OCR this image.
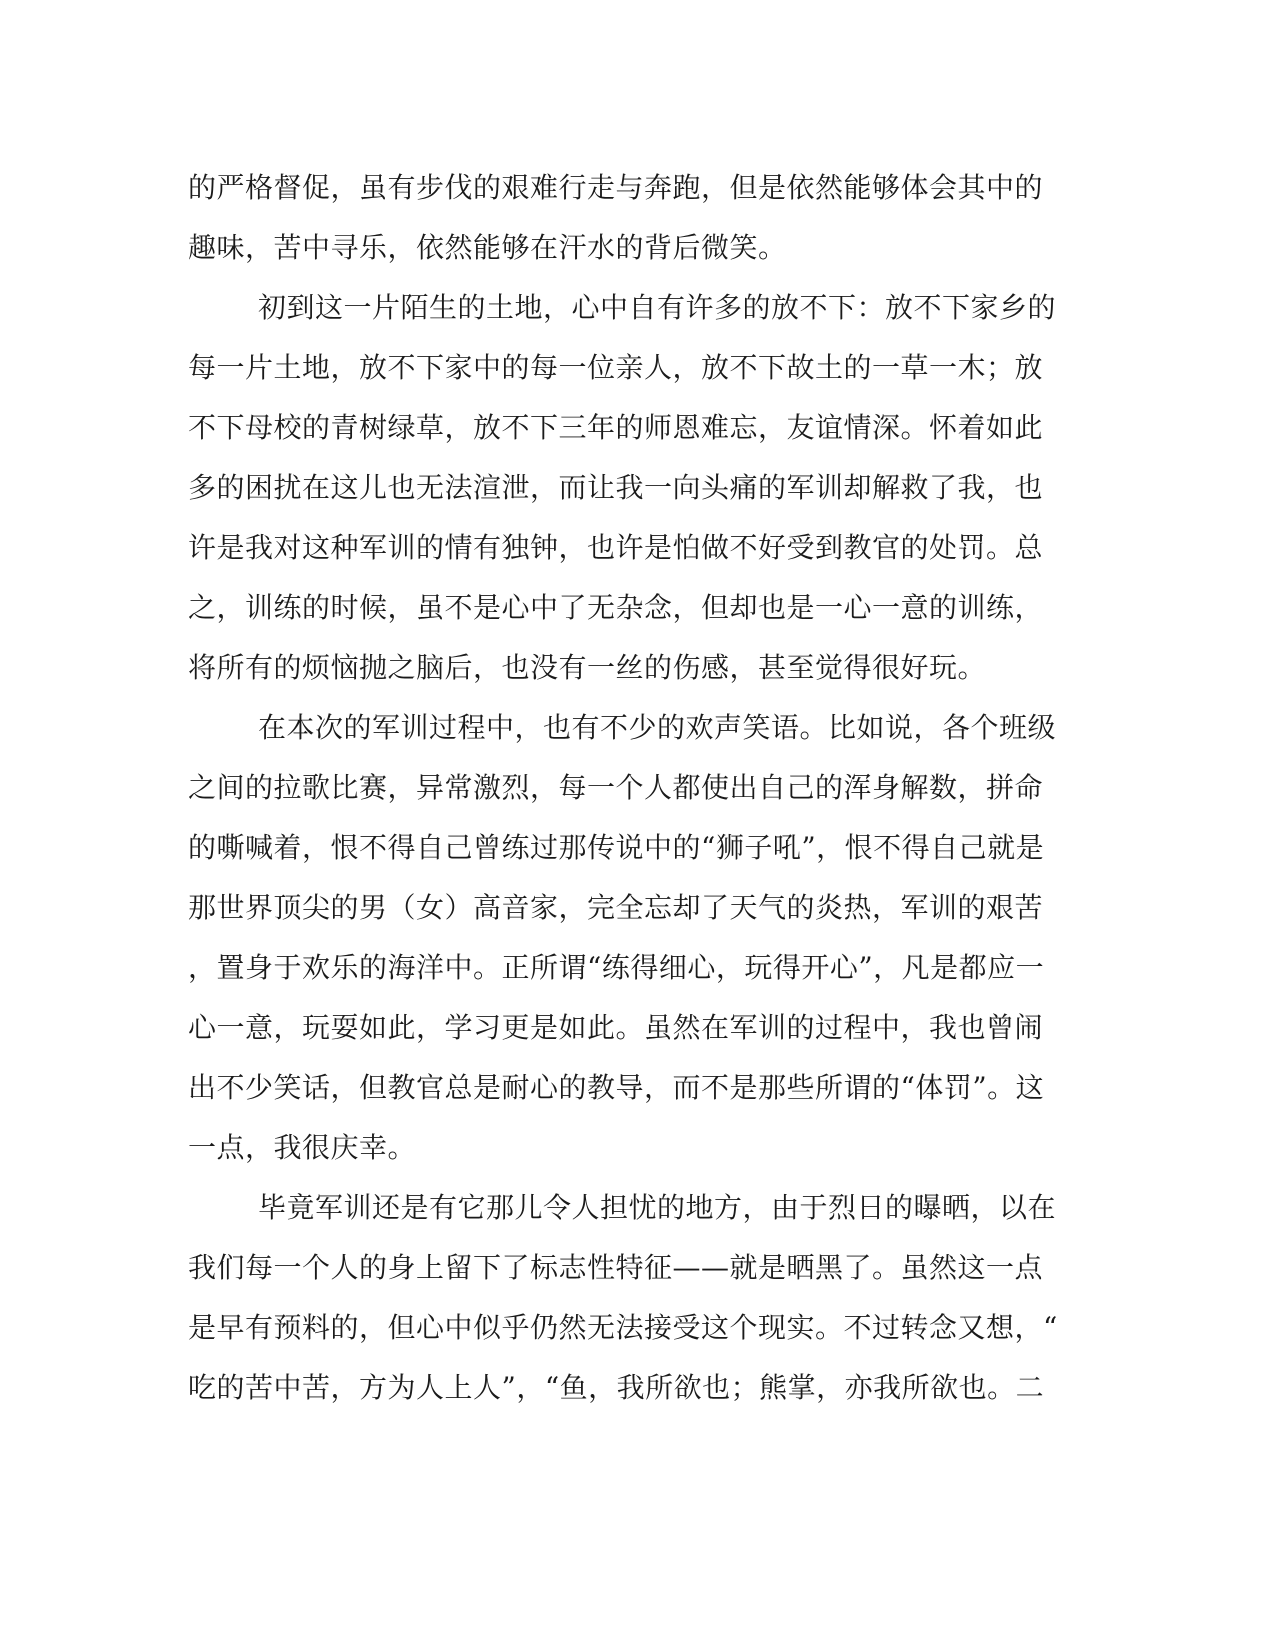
的严格督促，虽有步伐的艰难行走与奔跑，但是依然能够体会其中的
趣味，苦中寻乐，依然能够在汗水的背后微笑。
初到这一片陌生的土地，心中自有许多的放不下：放不下家乡的
每一片土地，放不下家中的每一位亲人，放不下故土的一草一木；放
不下母校的青树绿草，放不下三年的师恩难忘，友谊情深。怀着如此
多的困扰在这儿也无法渲泄，而让我一向头痛的军训却解救了我，也
许是我对这种军训的情有独钟，也许是怕做不好受到教官的处罚。总
之，训练的时候，虽不是心中了无杂念，但却也是一心一意的训练，
将所有的烦恼抛之脑后，也没有一丝的伤感，甚至觉得很好玩。
在本次的军训过程中，也有不少的欢声笑语。比如说，各个班级
之间的拉歌比赛，异常激烈，每一个人都使出自己的浑身解数，拼命
的嘶喊着，恨不得自己曾练过那传说中的“狮子吼”，恨不得自己就是
那世界顶尖的男（女）高音家，完全忘却了天气的炎热，军训的艰苦
，置身于欢乐的海洋中。正所谓“练得细心，玩得开心”，凡是都应一
心一意，玩耍如此，学习更是如此。虽然在军训的过程中，我也曾闹
出不少笑话，但教官总是耐心的教导，而不是那些所谓的“体罚”。这
一点，我很庆幸。
毕竟军训还是有它那儿令人担忧的地方，由于烈日的曝晒，以在
我们每一个人的身上留下了标志性特征——就是晒黑了。虽然这一点
是早有预料的，但心中似乎仍然无法接受这个现实。不过转念又想，“
吃的苦中苦，方为人上人”，“鱼，我所欲也；熊掌，亦我所欲也。二
